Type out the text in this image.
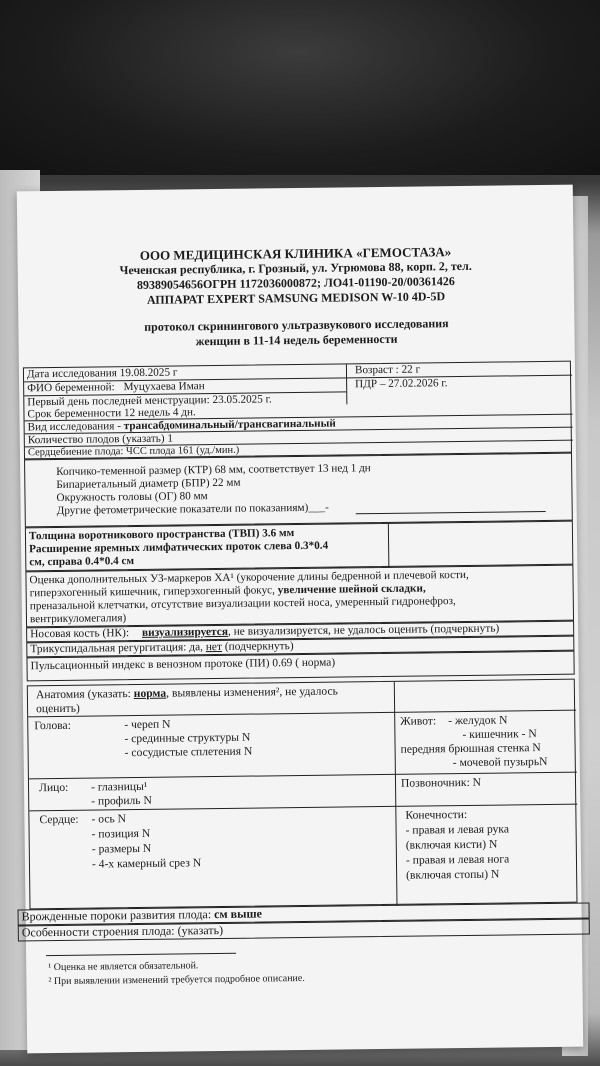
ООО МЕДИЦИНСКАЯ КЛИНИКА «ГЕМОСТАЗА»
Чеченская республика, г. Грозный, ул. Угрюмова 88, корп. 2, тел.
89389054656ОГРН 1172036000872; ЛО41-01190-20/00361426
АППАРАТ EXPERT SAMSUNG MEDISON W-10 4D-5D
протокол скринингового ультразвукового исследования
женщин в 11-14 недель беременности
Дата исследования 19.08.2025 г	Возраст : 22 г
ФИО беременной: Муцухаева Иман	ПДР – 27.02.2026 г.
Первый день последней менструации: 23.05.2025 г.
Срок беременности 12 недель 4 дн.
Вид исследования - трансабдоминальный/трансвагинальный
Количество плодов (указать) 1
Сердцебиение плода: ЧСС плода 161 (уд./мин.)
Копчико-теменной размер (КТР) 68 мм, соответствует 13 нед 1 дн
Бипариетальный диаметр (БПР) 22 мм
Окружность головы (ОГ) 80 мм
Другие фетометрические показатели по показаниям)___-
Толщина воротникового пространства (ТВП) 3.6 мм
Расширение яремных лимфатических проток слева 0.3*0.4
см, справа 0.4*0.4 см
Оценка дополнительных УЗ-маркеров ХА¹ (укорочение длины бедренной и плечевой кости,
гиперэхогенный кишечник, гиперэхогенный фокус, увеличение шейной складки,
преназальной клетчатки, отсутствие визуализации костей носа, умеренный гидронефроз,
вентрикуломегалия)
Носовая кость (НК): визуализируется, не визуализируется, не удалось оценить (подчеркнуть)
Трикуспидальная регургитация: да, нет (подчеркнуть)
Пульсационный индекс в венозном протоке (ПИ) 0.69 ( норма)
Анатомия (указать: норма, выявлены изменения², не удалось
оценить)
Голова:	- череп N
- срединные структуры N
- сосудистые сплетения N
Живот: - желудок N
- кишечник - N
передняя брюшная стенка N
- мочевой пузырьN
Лицо: - глазницы¹
- профиль N
Позвоночник: N
Сердце: - ось N
- позиция N
- размеры N
- 4-х камерный срез N
Конечности:
- правая и левая рука
(включая кисти) N
- правая и левая нога
(включая стопы) N
Врожденные пороки развития плода: см выше
Особенности строения плода: (указать)
¹ Оценка не является обязательной.
² При выявлении изменений требуется подробное описание.
